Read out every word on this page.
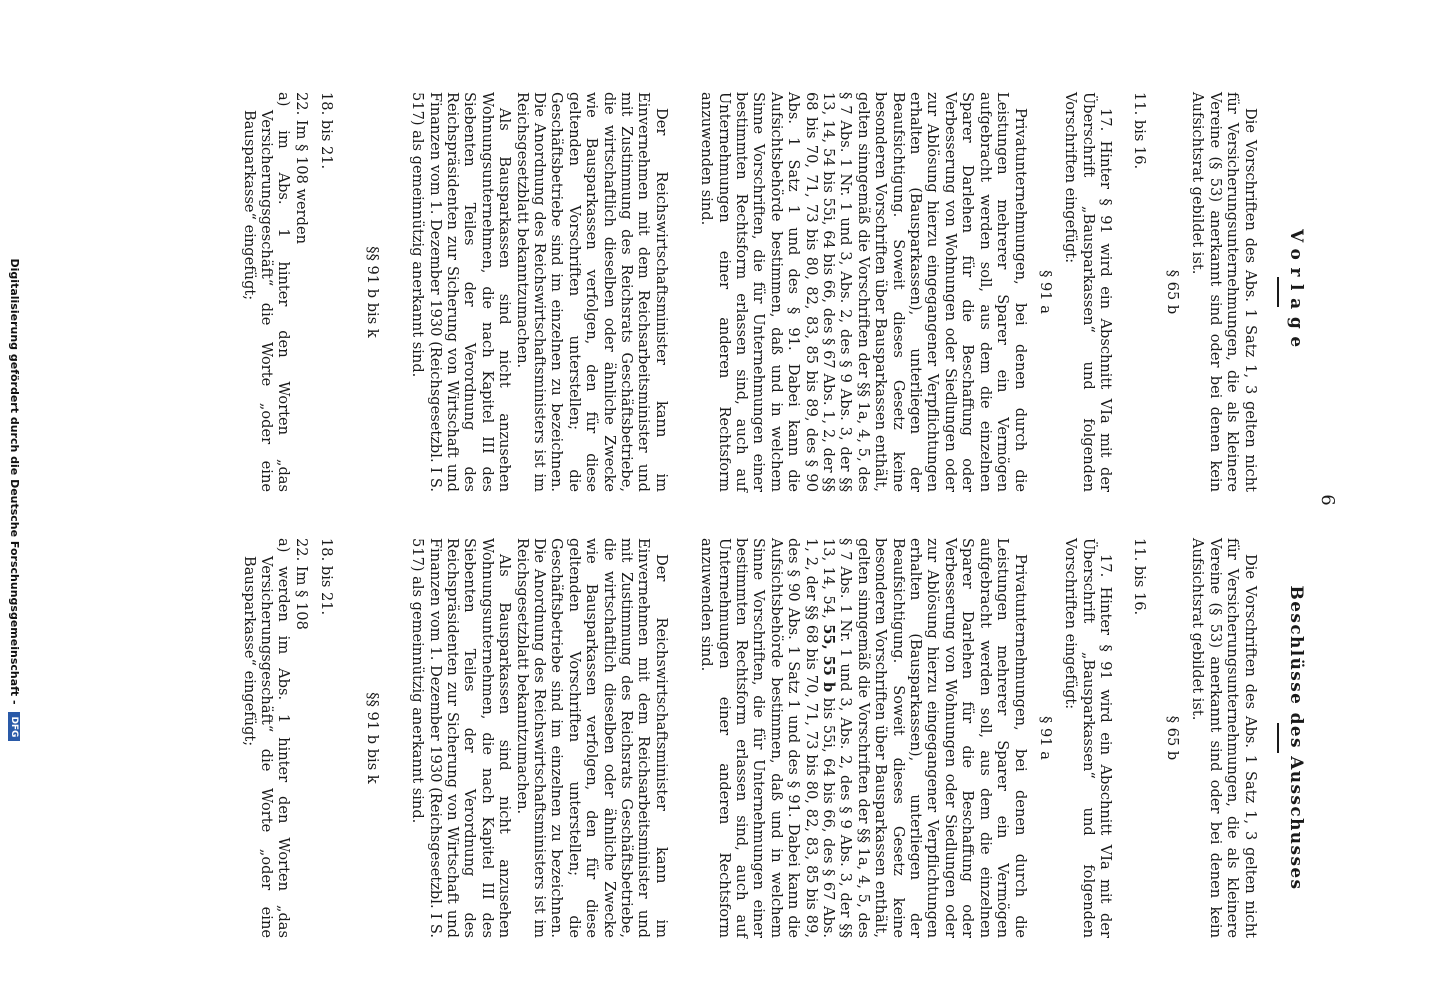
6
Vorlage

Die Vorschriften des Abs. 1 Satz 1, 3 gelten nicht für Versicherungsunternehmungen, die als kleinere Vereine (§ 53) anerkannt sind oder bei denen kein Aufsichtsrat gebildet ist.

§ 65 b

11. bis 16.

17. Hinter § 91 wird ein Abschnitt VIa mit der Überschrift „Bausparkassen“ und folgenden Vorschriften eingefügt:

§ 91 a

Privatunternehmungen, bei denen durch die Leistungen mehrerer Sparer ein Vermögen aufgebracht werden soll, aus dem die einzelnen Sparer Darlehen für die Beschaffung oder Verbesserung von Wohnungen oder Siedlungen oder zur Ablösung hierzu eingegangener Verpflichtungen erhalten (Bausparkassen), unterliegen der Beaufsichtigung. Soweit dieses Gesetz keine besonderen Vorschriften über Bausparkassen enthält, gelten sinngemäß die Vorschriften der §§ 1a, 4, 5, des § 7 Abs. 1 Nr. 1 und 3, Abs. 2, des § 9 Abs. 3, der §§ 13, 14, 54 bis 55i, 64 bis 66, des § 67 Abs. 1, 2, der §§ 68 bis 70, 71, 73 bis 80, 82, 83, 85 bis 89, des § 90 Abs. 1 Satz 1 und des § 91. Dabei kann die Aufsichtsbehörde bestimmen, daß und in welchem Sinne Vorschriften, die für Unternehmungen einer bestimmten Rechtsform erlassen sind, auch auf Unternehmungen einer anderen Rechtsform anzuwenden sind.

Der Reichswirtschaftsminister kann im Einvernehmen mit dem Reichsarbeitsminister und mit Zustimmung des Reichsrats Geschäftsbetriebe, die wirtschaftlich dieselben oder ähnliche Zwecke wie Bausparkassen verfolgen, den für diese geltenden Vorschriften unterstellen; die Geschäftsbetriebe sind im einzelnen zu bezeichnen. Die Anordnung des Reichswirtschaftsministers ist im Reichsgesetzblatt bekanntzumachen.

Als Bausparkassen sind nicht anzusehen Wohnungsunternehmen, die nach Kapitel III des Siebenten Teiles der Verordnung des Reichspräsidenten zur Sicherung von Wirtschaft und Finanzen vom 1. Dezember 1930 (Reichsgesetzbl. I S. 517) als gemeinnützig anerkannt sind.

§§ 91 b bis k

18. bis 21.

22. Im § 108 werden

a) im Abs. 1 hinter den Worten „das Versicherungsgeschäft“ die Worte „oder eine Bausparkasse“ eingefügt;

Beschlüsse des Ausschusses

Die Vorschriften des Abs. 1 Satz 1, 3 gelten nicht für Versicherungsunternehmungen, die als kleinere Vereine (§ 53) anerkannt sind oder bei denen kein Aufsichtsrat gebildet ist.

§ 65 b

11. bis 16.

17. Hinter § 91 wird ein Abschnitt VIa mit der Überschrift „Bausparkassen“ und folgenden Vorschriften eingefügt:

§ 91 a

Privatunternehmungen, bei denen durch die Leistungen mehrerer Sparer ein Vermögen aufgebracht werden soll, aus dem die einzelnen Sparer Darlehen für die Beschaffung oder Verbesserung von Wohnungen oder Siedlungen oder zur Ablösung hierzu eingegangener Verpflichtungen erhalten (Bausparkassen), unterliegen der Beaufsichtigung. Soweit dieses Gesetz keine besonderen Vorschriften über Bausparkassen enthält, gelten sinngemäß die Vorschriften der §§ 1a, 4, 5, des § 7 Abs. 1 Nr. 1 und 3, Abs. 2, des § 9 Abs. 3, der §§ 13, 14, 54, 55, 55 b bis 55i, 64 bis 66, des § 67 Abs. 1, 2, der §§ 68 bis 70, 71, 73 bis 80, 82, 83, 85 bis 89, des § 90 Abs. 1 Satz 1 und des § 91. Dabei kann die Aufsichtsbehörde bestimmen, daß und in welchem Sinne Vorschriften, die für Unternehmungen einer bestimmten Rechtsform erlassen sind, auch auf Unternehmungen einer anderen Rechtsform anzuwenden sind.

Der Reichswirtschaftsminister kann im Einvernehmen mit dem Reichsarbeitsminister und mit Zustimmung des Reichsrats Geschäftsbetriebe, die wirtschaftlich dieselben oder ähnliche Zwecke wie Bausparkassen verfolgen, den für diese geltenden Vorschriften unterstellen; die Geschäftsbetriebe sind im einzelnen zu bezeichnen. Die Anordnung des Reichswirtschaftsministers ist im Reichsgesetzblatt bekanntzumachen.

Als Bausparkassen sind nicht anzusehen Wohnungsunternehmen, die nach Kapitel III des Siebenten Teiles der Verordnung des Reichspräsidenten zur Sicherung von Wirtschaft und Finanzen vom 1. Dezember 1930 (Reichsgesetzbl. I S. 517) als gemeinnützig anerkannt sind.

§§ 91 b bis k

18. bis 21.

22. Im § 108

a) werden im Abs. 1 hinter den Worten „das Versicherungsgeschäft“ die Worte „oder eine Bausparkasse“ eingefügt;

Digitalisierung gefördert durch die Deutsche Forschungsgemeinschaft - DFG
